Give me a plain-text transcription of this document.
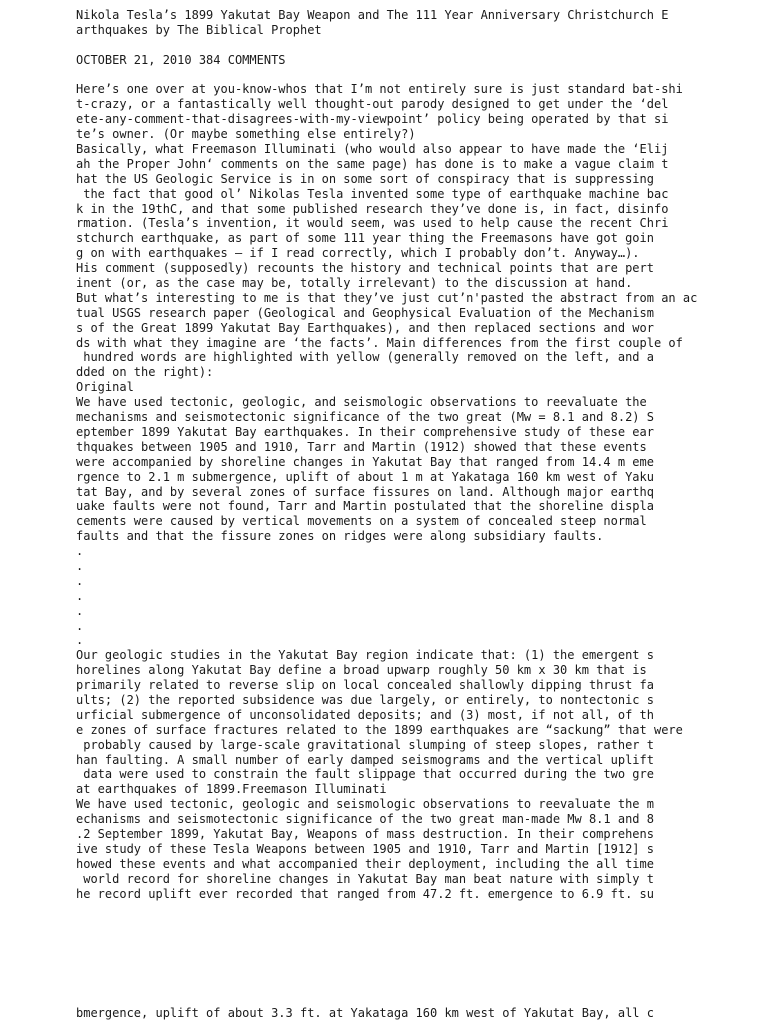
Nikola Tesla’s 1899 Yakutat Bay Weapon and The 111 Year Anniversary Christchurch E
arthquakes by The Biblical Prophet
OCTOBER 21, 2010 384 COMMENTS
Here’s one over at you-know-whos that I’m not entirely sure is just standard bat-shi
t-crazy, or a fantastically well thought-out parody designed to get under the ‘del
ete-any-comment-that-disagrees-with-my-viewpoint’ policy being operated by that si
te’s owner. (Or maybe something else entirely?)
Basically, what Freemason Illuminati (who would also appear to have made the ‘Elij
ah the Proper John‘ comments on the same page) has done is to make a vague claim t
hat the US Geologic Service is in on some sort of conspiracy that is suppressing
the fact that good ol’ Nikolas Tesla invented some type of earthquake machine bac
k in the 19thC, and that some published research they’ve done is, in fact, disinfo
rmation. (Tesla’s invention, it would seem, was used to help cause the recent Chri
stchurch earthquake, as part of some 111 year thing the Freemasons have got goin
g on with earthquakes — if I read correctly, which I probably don’t. Anyway…).
His comment (supposedly) recounts the history and technical points that are pert
inent (or, as the case may be, totally irrelevant) to the discussion at hand.
But what’s interesting to me is that they’ve just cut’n'pasted the abstract from an ac
tual USGS research paper (Geological and Geophysical Evaluation of the Mechanism
s of the Great 1899 Yakutat Bay Earthquakes), and then replaced sections and wor
ds with what they imagine are ‘the facts’. Main differences from the first couple of
hundred words are highlighted with yellow (generally removed on the left, and a
dded on the right):
Original
We have used tectonic, geologic, and seismologic observations to reevaluate the
mechanisms and seismotectonic significance of the two great (Mw = 8.1 and 8.2) S
eptember 1899 Yakutat Bay earthquakes. In their comprehensive study of these ear
thquakes between 1905 and 1910, Tarr and Martin (1912) showed that these events
were accompanied by shoreline changes in Yakutat Bay that ranged from 14.4 m eme
rgence to 2.1 m submergence, uplift of about 1 m at Yakataga 160 km west of Yaku
tat Bay, and by several zones of surface fissures on land. Although major earthq
uake faults were not found, Tarr and Martin postulated that the shoreline displa
cements were caused by vertical movements on a system of concealed steep normal
faults and that the fissure zones on ridges were along subsidiary faults.
.
.
.
.
.
.
.
Our geologic studies in the Yakutat Bay region indicate that: (1) the emergent s
horelines along Yakutat Bay define a broad upwarp roughly 50 km x 30 km that is
primarily related to reverse slip on local concealed shallowly dipping thrust fa
ults; (2) the reported subsidence was due largely, or entirely, to nontectonic s
urficial submergence of unconsolidated deposits; and (3) most, if not all, of th
e zones of surface fractures related to the 1899 earthquakes are “sackung” that were
probably caused by large-scale gravitational slumping of steep slopes, rather t
han faulting. A small number of early damped seismograms and the vertical uplift
data were used to constrain the fault slippage that occurred during the two gre
at earthquakes of 1899.Freemason Illuminati
We have used tectonic, geologic and seismologic observations to reevaluate the m
echanisms and seismotectonic significance of the two great man-made Mw 8.1 and 8
.2 September 1899, Yakutat Bay, Weapons of mass destruction. In their comprehens
ive study of these Tesla Weapons between 1905 and 1910, Tarr and Martin [1912] s
howed these events and what accompanied their deployment, including the all time
world record for shoreline changes in Yakutat Bay man beat nature with simply t
he record uplift ever recorded that ranged from 47.2 ft. emergence to 6.9 ft. su
bmergence, uplift of about 3.3 ft. at Yakataga 160 km west of Yakutat Bay, all c
